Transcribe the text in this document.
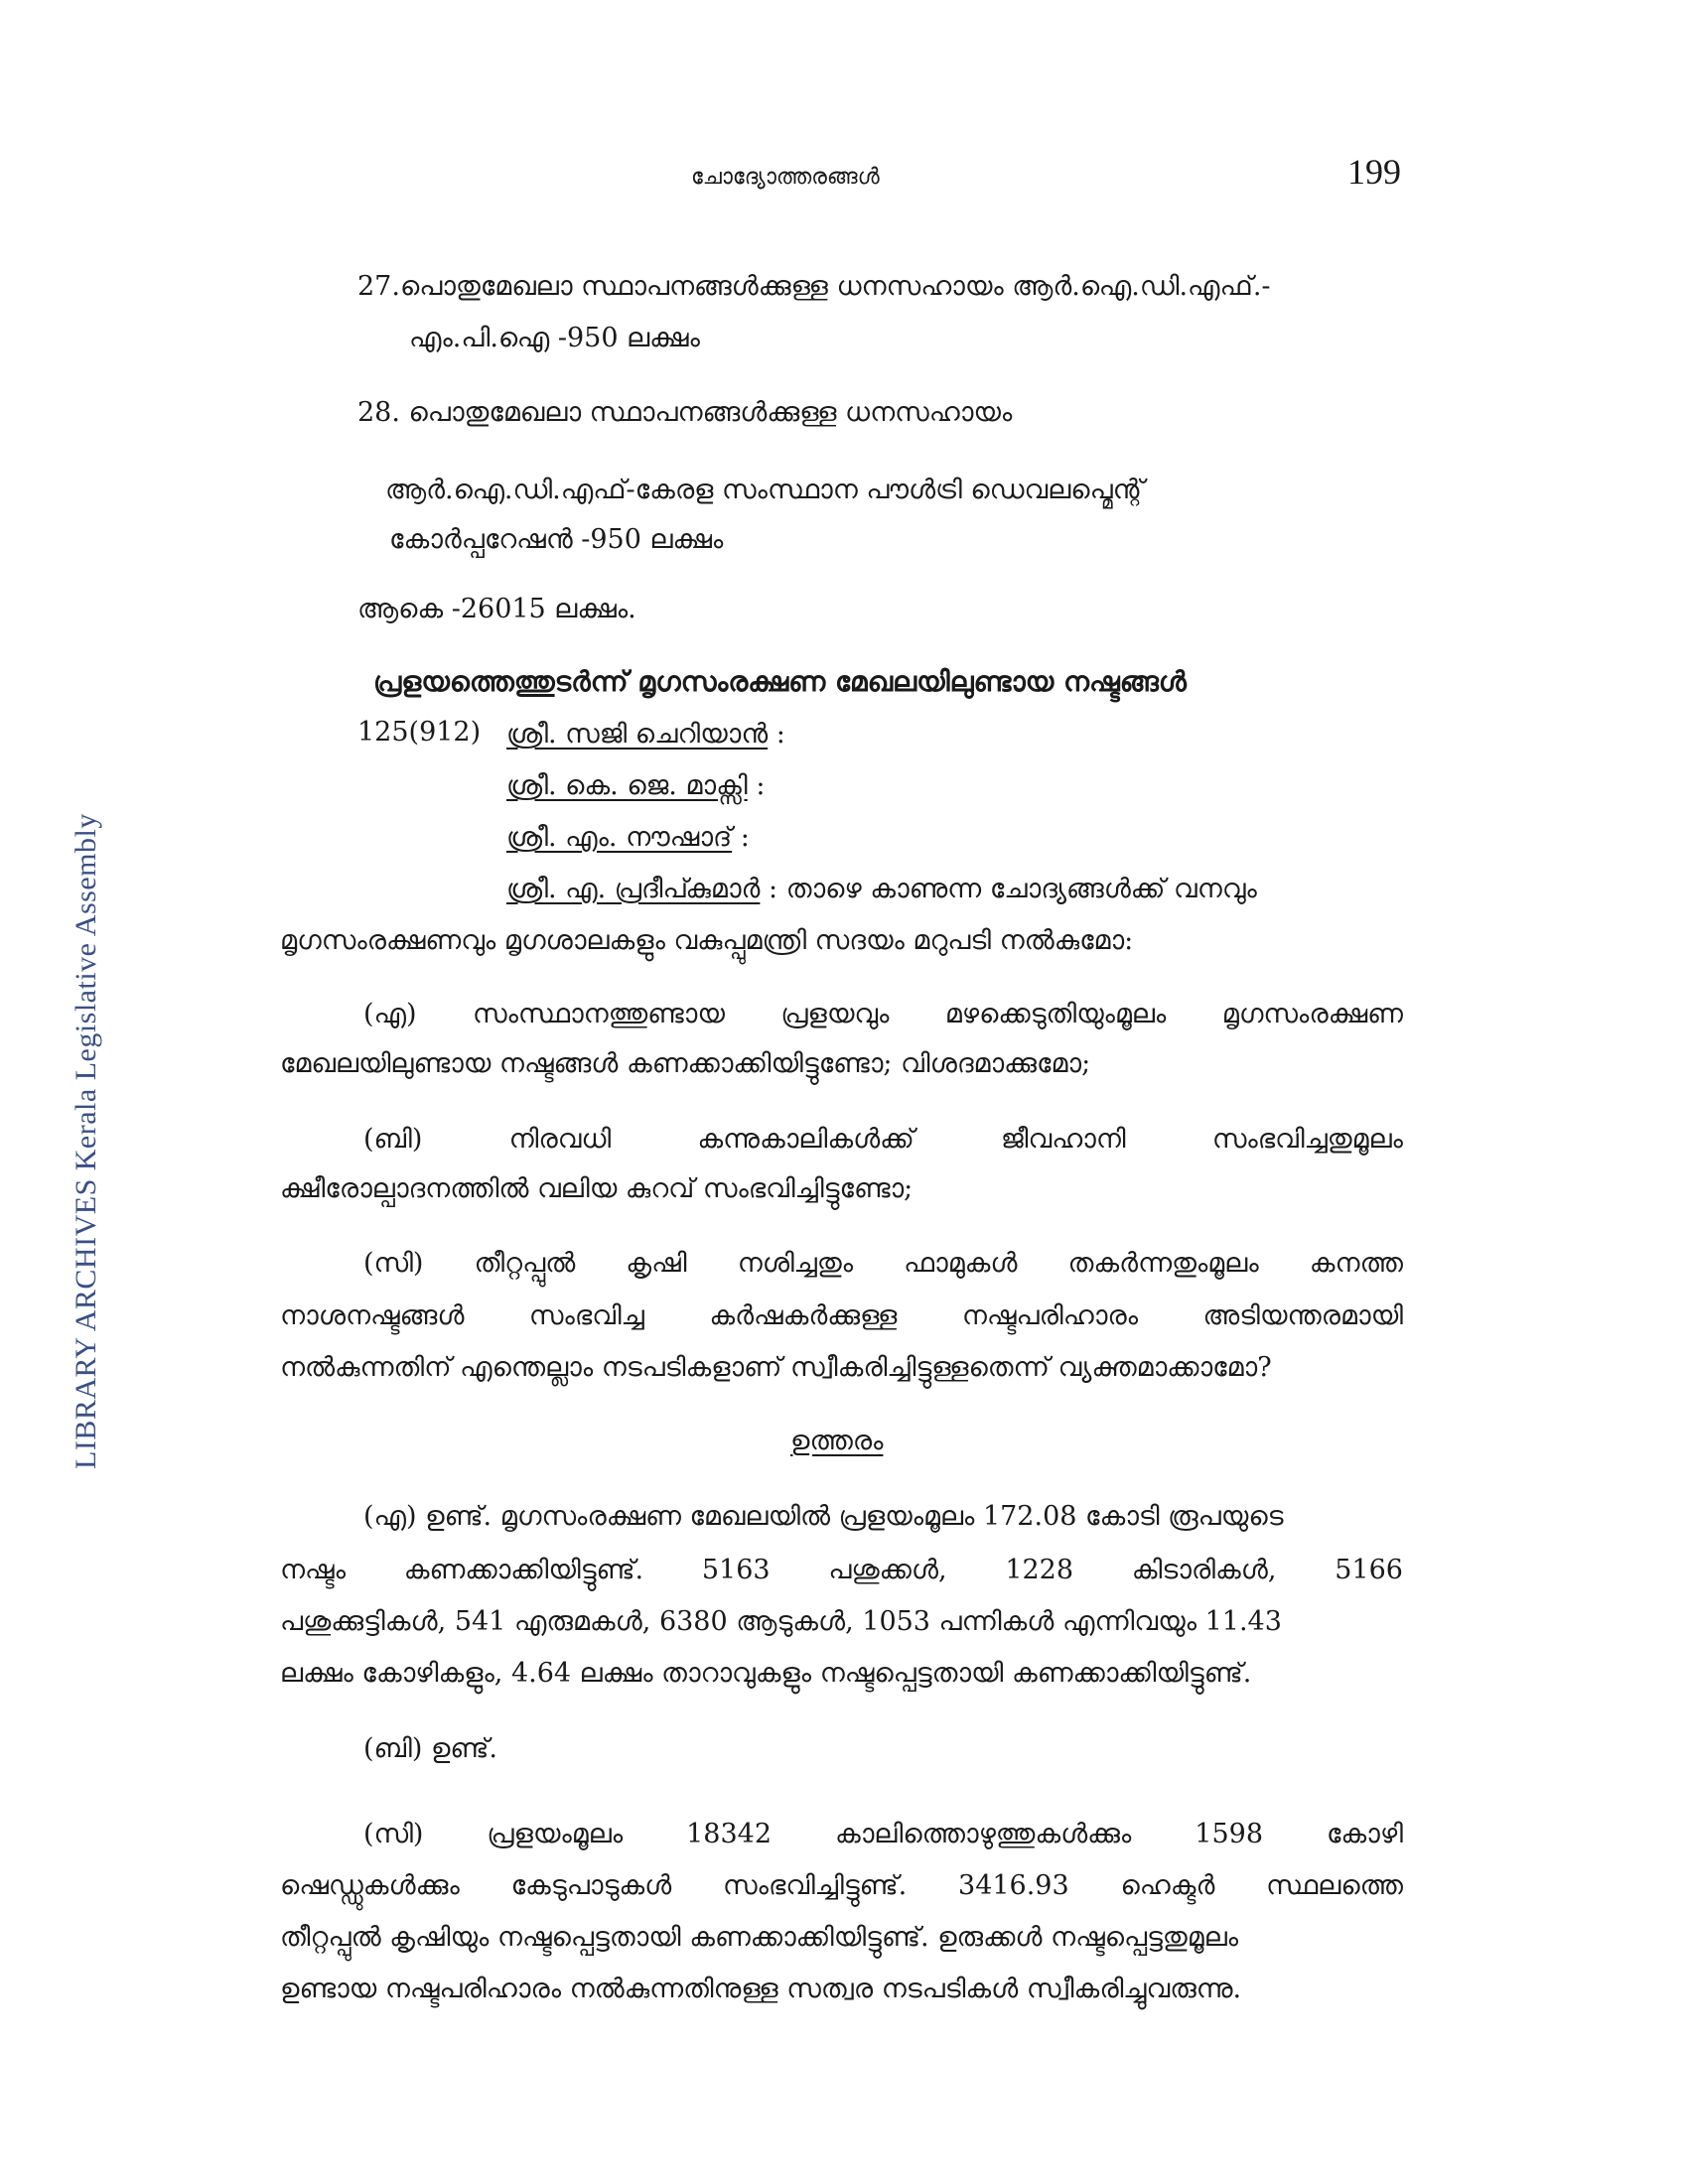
ചോദ്യോത്തരങ്ങൾ	199
LIBRARY ARCHIVES Kerala Legislative Assembly
27.പൊതുമേഖലാ സ്ഥാപനങ്ങൾക്കുള്ള ധനസഹായം ആർ.ഐ.ഡി.എഫ്.-
എം.പി.ഐ -950 ലക്ഷം
28. പൊതുമേഖലാ സ്ഥാപനങ്ങൾക്കുള്ള ധനസഹായം
ആർ.ഐ.ഡി.എഫ്-കേരള സംസ്ഥാന പൗൾട്രി ഡെവലപ്മെന്റ്
കോർപ്പറേഷൻ -950 ലക്ഷം
ആകെ -26015 ലക്ഷം.
പ്രളയത്തെത്തുടർന്ന് മൃഗസംരക്ഷണ മേഖലയിലുണ്ടായ നഷ്ടങ്ങൾ
125(912) ശ്രീ. സജി ചെറിയാൻ :
ശ്രീ. കെ. ജെ. മാക്സി :
ശ്രീ. എം. നൗഷാദ് :
ശ്രീ. എ. പ്രദീപ്കുമാർ : താഴെ കാണുന്ന ചോദ്യങ്ങൾക്ക് വനവും
മൃഗസംരക്ഷണവും മൃഗശാലകളും വകുപ്പുമന്ത്രി സദയം മറുപടി നൽകുമോ:
(എ) സംസ്ഥാനത്തുണ്ടായ പ്രളയവും മഴക്കെടുതിയുംമൂലം മൃഗസംരക്ഷണ
മേഖലയിലുണ്ടായ നഷ്ടങ്ങൾ കണക്കാക്കിയിട്ടുണ്ടോ; വിശദമാക്കുമോ;
(ബി)	നിരവധി	കന്നുകാലികൾക്ക്	ജീവഹാനി	സംഭവിച്ചതുമൂലം
ക്ഷീരോല്പാദനത്തിൽ വലിയ കുറവ് സംഭവിച്ചിട്ടുണ്ടോ;
(സി) തീറ്റപ്പുൽ കൃഷി നശിച്ചതും ഫാമുകൾ തകർന്നതുംമൂലം കനത്ത
നാശനഷ്ടങ്ങൾ സംഭവിച്ച കർഷകർക്കുള്ള നഷ്ടപരിഹാരം അടിയന്തരമായി
നൽകുന്നതിന് എന്തെല്ലാം നടപടികളാണ് സ്വീകരിച്ചിട്ടുള്ളതെന്ന് വ്യക്തമാക്കാമോ?
ഉത്തരം
(എ) ഉണ്ട്. മൃഗസംരക്ഷണ മേഖലയിൽ പ്രളയംമൂലം 172.08 കോടി രൂപയുടെ
നഷ്ടം കണക്കാക്കിയിട്ടുണ്ട്. 5163 പശുക്കൾ, 1228 കിടാരികൾ, 5166
പശുക്കുട്ടികൾ, 541 എരുമകൾ, 6380 ആടുകൾ, 1053 പന്നികൾ എന്നിവയും 11.43
ലക്ഷം കോഴികളും, 4.64 ലക്ഷം താറാവുകളും നഷ്ടപ്പെട്ടതായി കണക്കാക്കിയിട്ടുണ്ട്.
(ബി) ഉണ്ട്.
(സി) പ്രളയംമൂലം 18342 കാലിത്തൊഴുത്തുകൾക്കും 1598 കോഴി
ഷെഡ്ഡുകൾക്കും കേടുപാടുകൾ സംഭവിച്ചിട്ടുണ്ട്. 3416.93 ഹെക്ടർ സ്ഥലത്തെ
തീറ്റപ്പുൽ കൃഷിയും നഷ്ടപ്പെട്ടതായി കണക്കാക്കിയിട്ടുണ്ട്. ഉരുക്കൾ നഷ്ടപ്പെട്ടതുമൂലം
ഉണ്ടായ നഷ്ടപരിഹാരം നൽകുന്നതിനുള്ള സത്വര നടപടികൾ സ്വീകരിച്ചുവരുന്നു.
